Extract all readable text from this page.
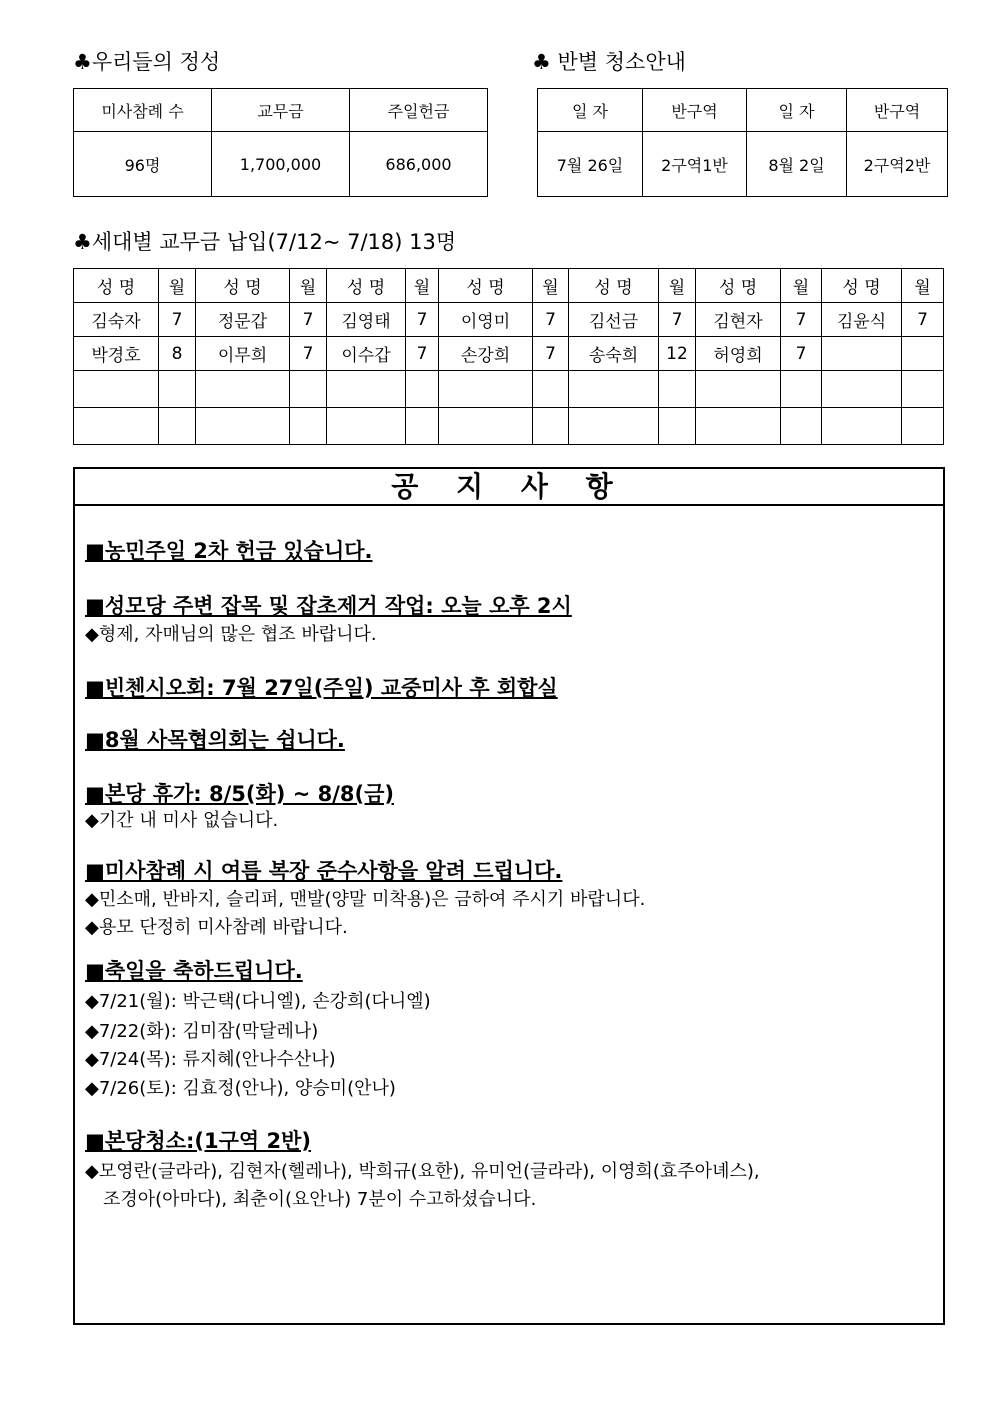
♣우리들의 정성
미사참례 수	교무금	주일헌금
96명	1,700,000	686,000
♣ 반별 청소안내
일 자	반구역	일 자	반구역
7월 26일	2구역1반	8월 2일	2구역2반
♣세대별 교무금 납입(7/12~ 7/18) 13명
성 명	월	성 명	월	성 명	월	성 명	월	성 명	월	성 명	월	성 명	월
김숙자	7	정문갑	7	김영태	7	이영미	7	김선금	7	김현자	7	김윤식	7
박경호	8	이무희	7	이수갑	7	손강희	7	송숙희	12	허영희	7		

공 지 사 항
■농민주일 2차 헌금 있습니다.
■성모당 주변 잡목 및 잡초제거 작업: 오늘 오후 2시
◆형제, 자매님의 많은 협조 바랍니다.
■빈첸시오회: 7월 27일(주일) 교중미사 후 회합실
■8월 사목협의회는 쉽니다.
■본당 휴가: 8/5(화) ~ 8/8(금)
◆기간 내 미사 없습니다.
■미사참례 시 여름 복장 준수사항을 알려 드립니다.
◆민소매, 반바지, 슬리퍼, 맨발(양말 미착용)은 금하여 주시기 바랍니다.
◆용모 단정히 미사참례 바랍니다.
■축일을 축하드립니다.
◆7/21(월): 박근택(다니엘), 손강희(다니엘)
◆7/22(화): 김미잠(막달레나)
◆7/24(목): 류지혜(안나수산나)
◆7/26(토): 김효정(안나), 양승미(안나)
■본당청소:(1구역 2반)
◆모영란(글라라), 김현자(헬레나), 박희규(요한), 유미언(글라라), 이영희(효주아녜스),
조경아(아마다), 최춘이(요안나) 7분이 수고하셨습니다.
